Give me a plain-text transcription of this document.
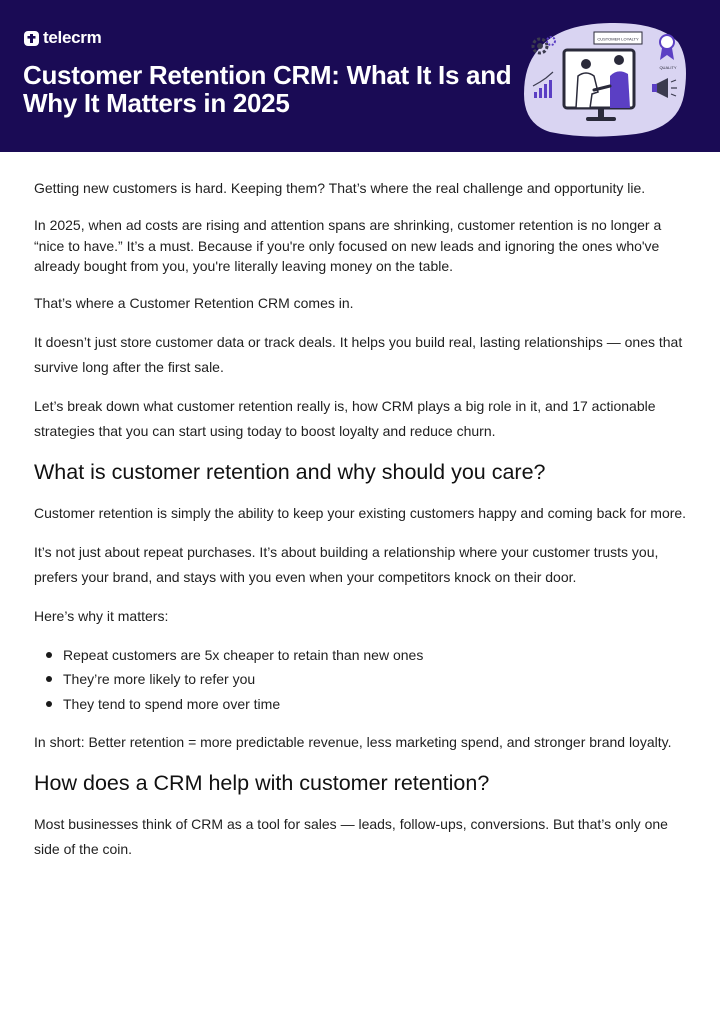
telecrm
Customer Retention CRM: What It Is and Why It Matters in 2025
CUSTOMER LOYALTY
QUALITY

Getting new customers is hard. Keeping them? That’s where the real challenge and opportunity lie.

In 2025, when ad costs are rising and attention spans are shrinking, customer retention is no longer a “nice to have.” It’s a must. Because if you're only focused on new leads and ignoring the ones who've already bought from you, you're literally leaving money on the table.

That’s where a Customer Retention CRM comes in.

It doesn’t just store customer data or track deals. It helps you build real, lasting relationships — ones that survive long after the first sale.

Let’s break down what customer retention really is, how CRM plays a big role in it, and 17 actionable strategies that you can start using today to boost loyalty and reduce churn.

What is customer retention and why should you care?

Customer retention is simply the ability to keep your existing customers happy and coming back for more.

It’s not just about repeat purchases. It’s about building a relationship where your customer trusts you, prefers your brand, and stays with you even when your competitors knock on their door.

Here’s why it matters:

Repeat customers are 5x cheaper to retain than new ones
They’re more likely to refer you
They tend to spend more over time

In short: Better retention = more predictable revenue, less marketing spend, and stronger brand loyalty.

How does a CRM help with customer retention?

Most businesses think of CRM as a tool for sales — leads, follow-ups, conversions. But that’s only one side of the coin.
